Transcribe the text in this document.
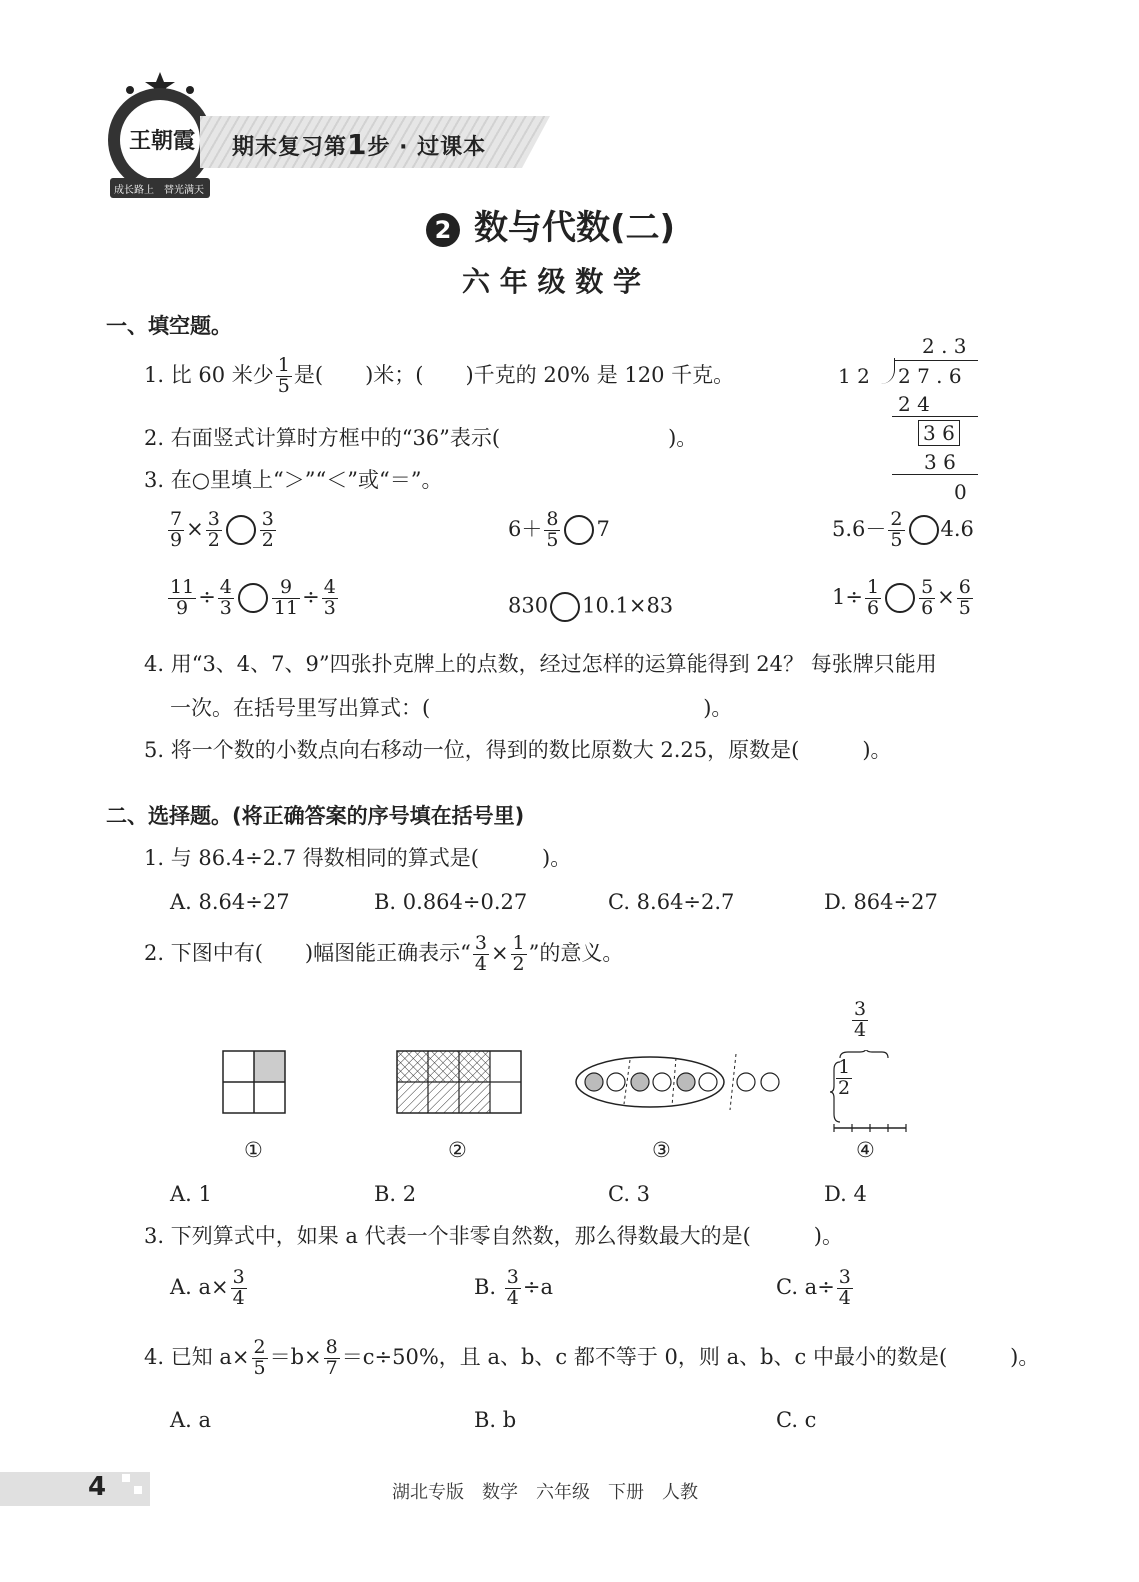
王朝霞
成长路上 替光满天
期末复习第1步 · 过课本
2 数与代数(二)
六 年 级 数 学
一、填空题。
1. 比 60 米少 $\frac{1}{5}$ 是(　　)米；(　　)千克的 20% 是 120 千克。
2. 右面竖式计算时方框中的“36”表示(　　　　　　　　)。
3. 在○里填上“＞”“＜”或“＝”。
2 . 3
1 2 2 7 . 6
2 4
3 6
3 6
0
$\frac{7}{9} \times \frac{3}{2} \frac{3}{2}$	$6+ \frac{8}{5} 7$	$5.6- \frac{2}{5} 4.6$
$\frac{11}{9} \div \frac{4}{3} \frac{9}{11} \div \frac{4}{3}$	830 10.1×83	$1\div \frac{1}{6} \frac{5}{6} \times \frac{6}{5}$
4. 用“3、4、7、9”四张扑克牌上的点数，经过怎样的运算能得到 24？ 每张牌只能用
一次。在括号里写出算式：(　　　　　　　　　　　　　)。
5. 将一个数的小数点向右移动一位，得到的数比原数大 2.25，原数是(　　　)。
二、选择题。(将正确答案的序号填在括号里)
1. 与 86.4÷2.7 得数相同的算式是(　　　)。
A. 8.64÷27	B. 0.864÷0.27	C. 8.64÷2.7	D. 864÷27
2. 下图中有(　　)幅图能正确表示“ $\frac{3}{4} \times \frac{1}{2}$ ”的意义。
$\frac{3}{4}$
$\frac{1}{2}$
①	②	③	④
A. 1	B. 2	C. 3	D. 4
3. 下列算式中，如果 a 代表一个非零自然数，那么得数最大的是(　　　)。
A. $a\times \frac{3}{4}$	B. $\frac{3}{4} \div a$	C. $a\div \frac{3}{4}$
4. 已知 $a\times \frac{2}{5} =b\times \frac{8}{7} =c\div 50\%$，且 a、b、c 都不等于 0，则 a、b、c 中最小的数是(　　　)。
A. a	B. b	C. c
4	湖北专版　数学　六年级　下册　人教
